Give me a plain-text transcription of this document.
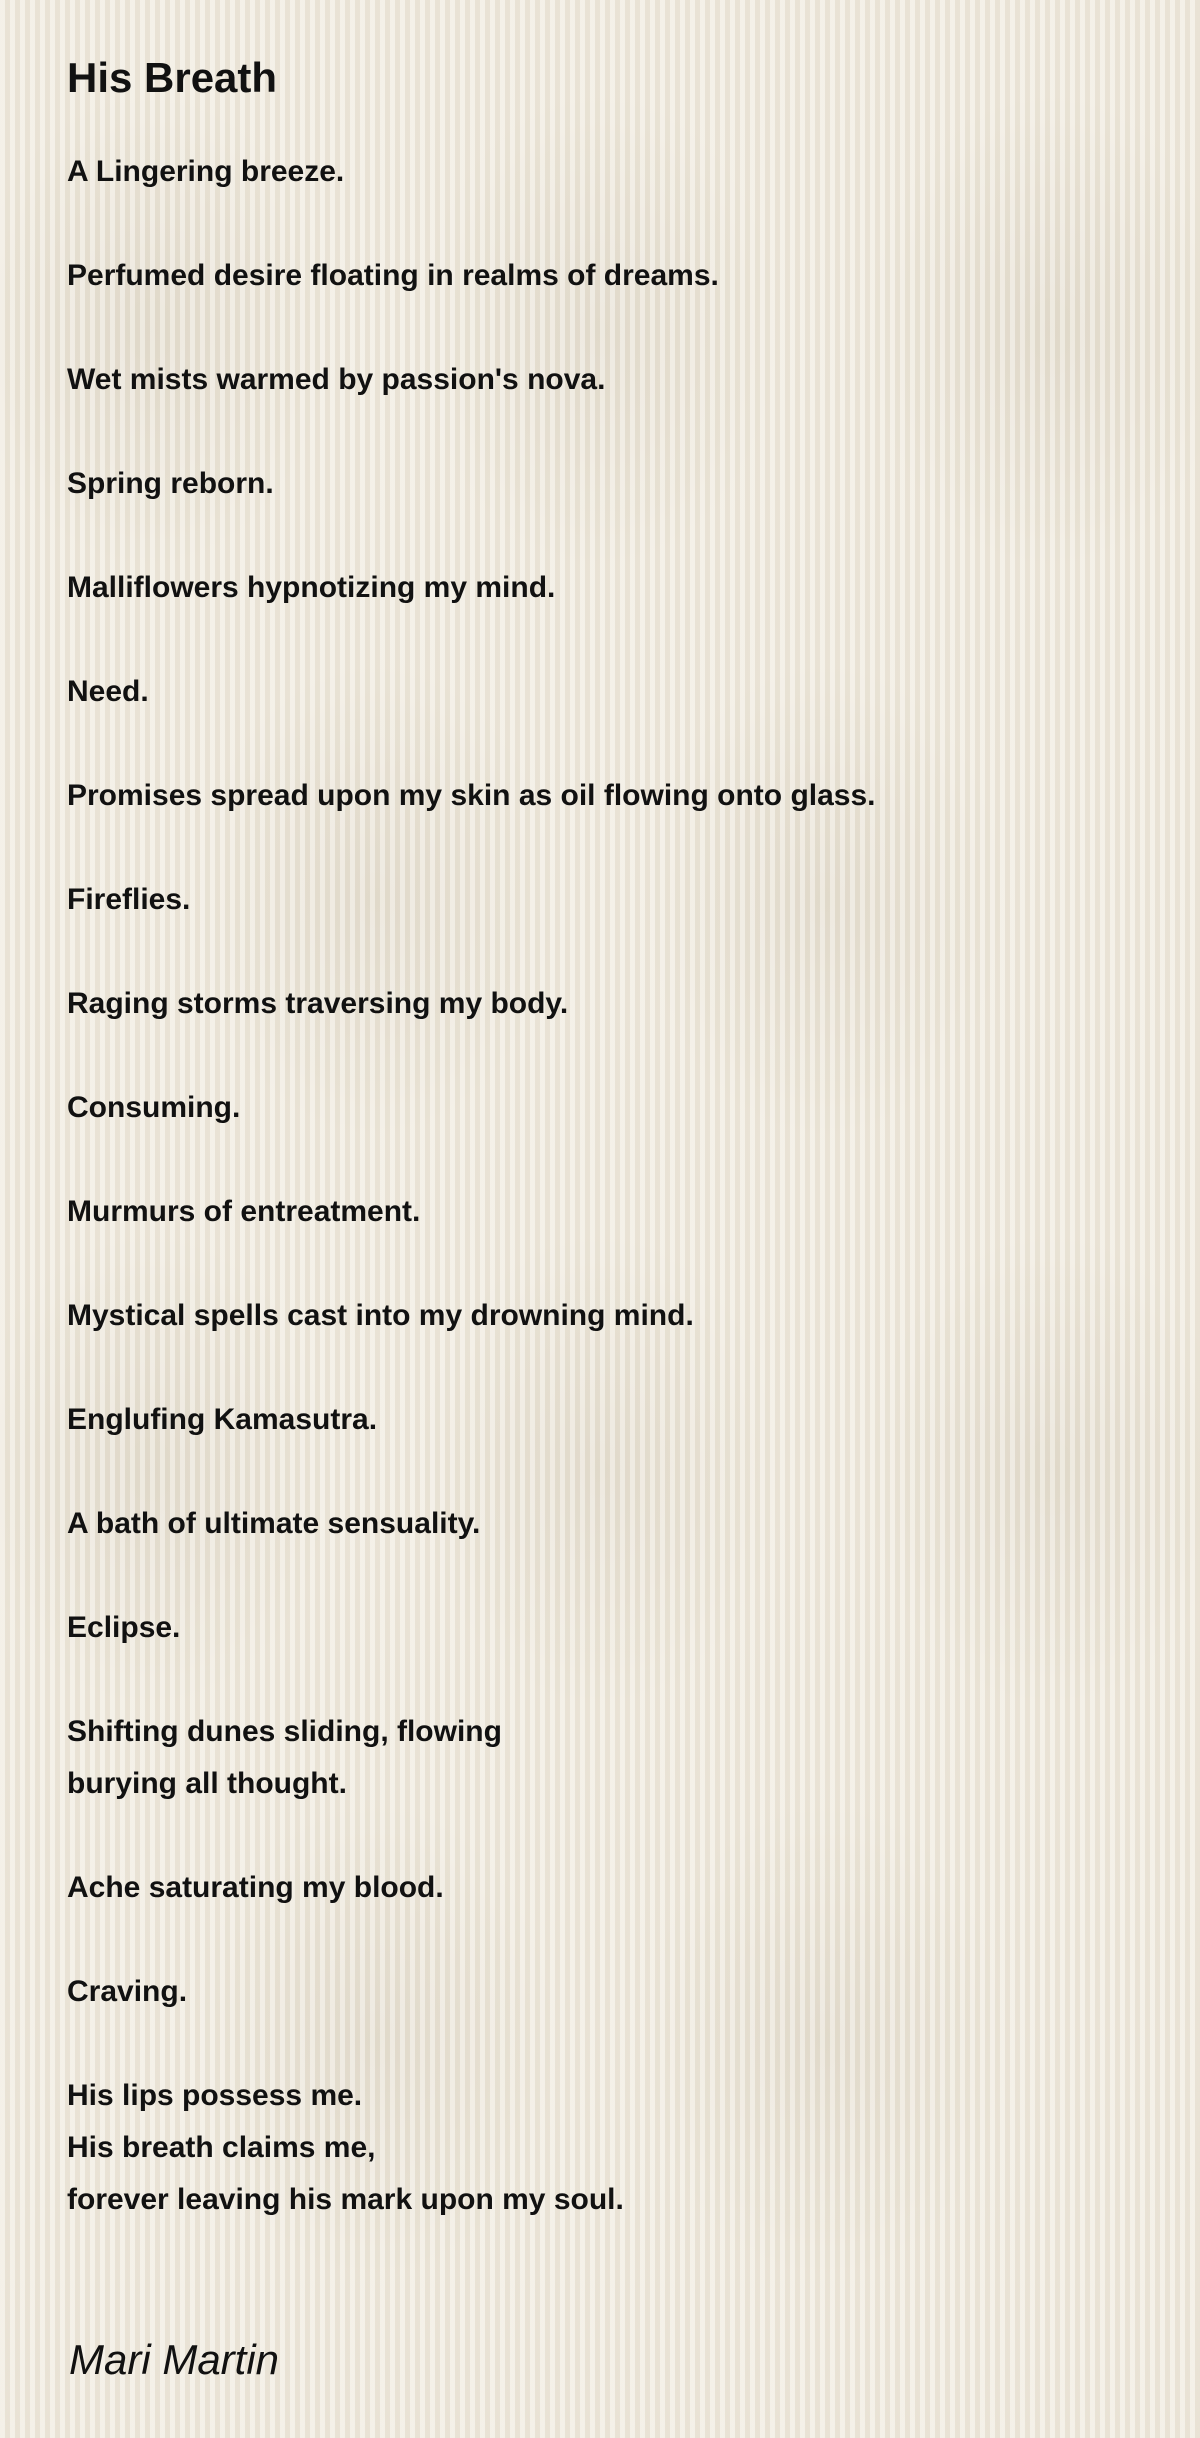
His Breath
A Lingering breeze.
Perfumed desire floating in realms of dreams.
Wet mists warmed by passion's nova.
Spring reborn.
Malliflowers hypnotizing my mind.
Need.
Promises spread upon my skin as oil flowing onto glass.
Fireflies.
Raging storms traversing my body.
Consuming.
Murmurs of entreatment.
Mystical spells cast into my drowning mind.
Englufing Kamasutra.
A bath of ultimate sensuality.
Eclipse.
Shifting dunes sliding, flowing
burying all thought.
Ache saturating my blood.
Craving.
His lips possess me.
His breath claims me,
forever leaving his mark upon my soul.
Mari Martin
